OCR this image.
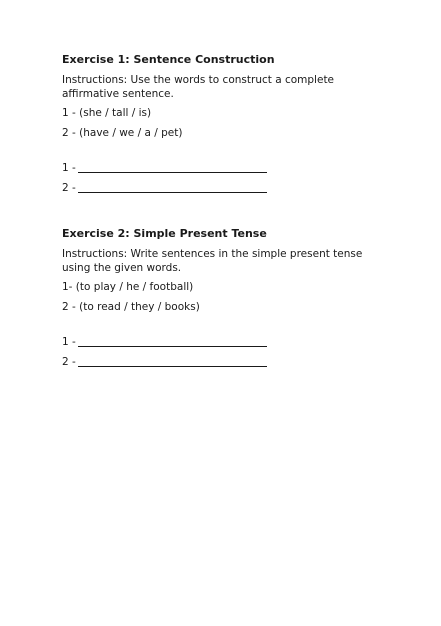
Exercise 1: Sentence Construction
Instructions: Use the words to construct a complete affirmative sentence.
1 - (she / tall / is)
2 - (have / we / a / pet)
1 -
2 -
Exercise 2: Simple Present Tense
Instructions: Write sentences in the simple present tense using the given words.
1- (to play / he / football)
2 - (to read / they / books)
1 -
2 -
